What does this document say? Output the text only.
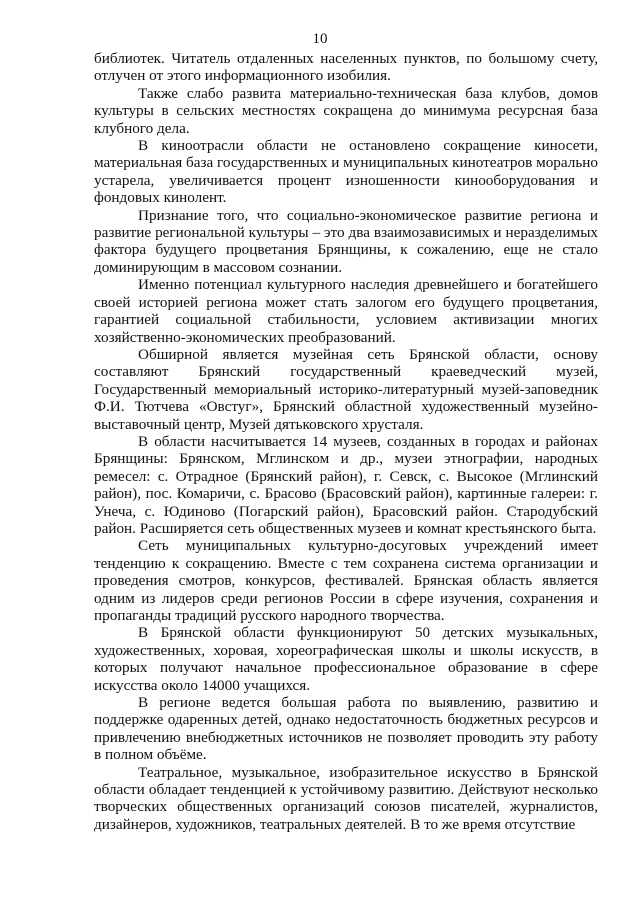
10

библиотек. Читатель отдаленных населенных пунктов, по большому счету, отлучен от этого информационного изобилия.

Также слабо развита материально-техническая база клубов, домов культуры в сельских местностях сокращена до минимума ресурсная база клубного дела.

В киноотрасли области не остановлено сокращение киносети, материальная база государственных и муниципальных кинотеатров морально устарела, увеличивается процент изношенности кинооборудования и фондовых кинолент.

Признание того, что социально-экономическое развитие региона и развитие региональной культуры – это два взаимозависимых и неразделимых фактора будущего процветания Брянщины, к сожалению, еще не стало доминирующим в массовом сознании.

Именно потенциал культурного наследия древнейшего и богатейшего своей историей региона может стать залогом его будущего процветания, гарантией социальной стабильности, условием активизации многих хозяйственно-экономических преобразований.

Обширной является музейная сеть Брянской области, основу составляют Брянский государственный краеведческий музей, Государственный мемориальный историко-литературный музей-заповедник Ф.И. Тютчева «Овстуг», Брянский областной художественный музейно-выставочный центр, Музей дятьковского хрусталя.

В области насчитывается 14 музеев, созданных в городах и районах Брянщины: Брянском, Мглинском и др., музеи этнографии, народных ремесел: с. Отрадное (Брянский район), г. Севск, с. Высокое (Мглинский район), пос. Комаричи, с. Брасово (Брасовский район), картинные галереи: г. Унеча, с. Юдиново (Погарский район), Брасовский район. Стародубский район. Расширяется сеть общественных музеев и комнат крестьянского быта.

Сеть муниципальных культурно-досуговых учреждений имеет тенденцию к сокращению. Вместе с тем сохранена система организации и проведения смотров, конкурсов, фестивалей. Брянская область является одним из лидеров среди регионов России в сфере изучения, сохранения и пропаганды традиций русского народного творчества.

В Брянской области функционируют 50 детских музыкальных, художественных, хоровая, хореографическая школы и школы искусств, в которых получают начальное профессиональное образование в сфере искусства около 14000 учащихся.

В регионе ведется большая работа по выявлению, развитию и поддержке одаренных детей, однако недостаточность бюджетных ресурсов и привлечению внебюджетных источников не позволяет проводить эту работу в полном объёме.

Театральное, музыкальное, изобразительное искусство в Брянской области обладает тенденцией к устойчивому развитию. Действуют несколько творческих общественных организаций союзов писателей, журналистов, дизайнеров, художников, театральных деятелей. В то же время отсутствие
